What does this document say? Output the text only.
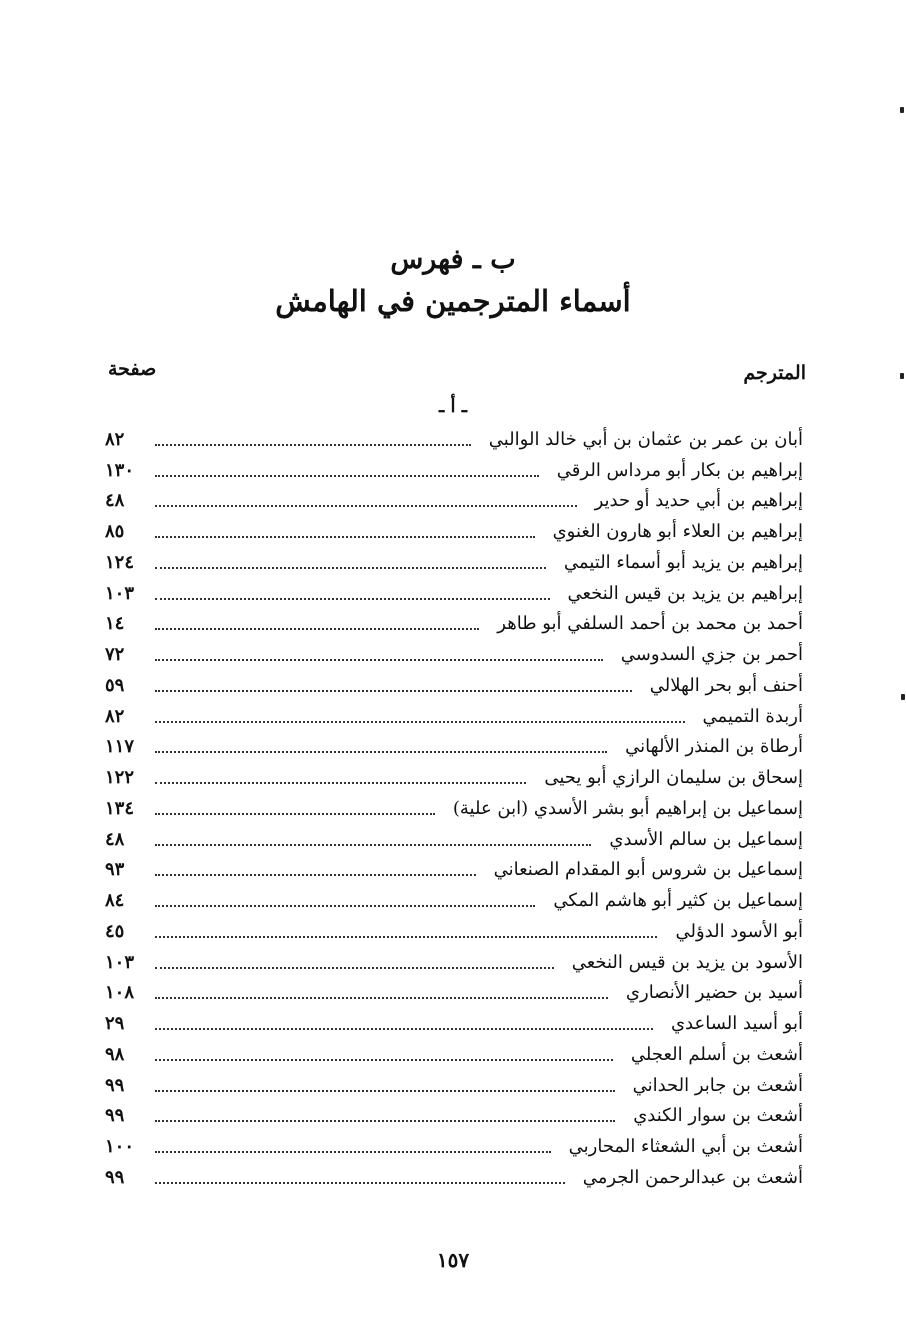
ب ـ فهرس
أسماء المترجمين في الهامش
المترجم
صفحة
ـ أ ـ
أبان بن عمر بن عثمان بن أبي خالد الوالبي
٨٢
إبراهيم بن بكار أبو مرداس الرقي
١٣٠
إبراهيم بن أبي حديد أو حدير
٤٨
إبراهيم بن العلاء أبو هارون الغنوي
٨٥
إبراهيم بن يزيد أبو أسماء التيمي
١٢٤
إبراهيم بن يزيد بن قيس النخعي
١٠٣
أحمد بن محمد بن أحمد السلفي أبو طاهر
١٤
أحمر بن جزي السدوسي
٧٢
أحنف أبو بحر الهلالي
٥٩
أربدة التميمي
٨٢
أرطاة بن المنذر الألهاني
١١٧
إسحاق بن سليمان الرازي أبو يحيى
١٢٢
إسماعيل بن إبراهيم أبو بشر الأسدي (ابن علية)
١٣٤
إسماعيل بن سالم الأسدي
٤٨
إسماعيل بن شروس أبو المقدام الصنعاني
٩٣
إسماعيل بن كثير أبو هاشم المكي
٨٤
أبو الأسود الدؤلي
٤٥
الأسود بن يزيد بن قيس النخعي
١٠٣
أسيد بن حضير الأنصاري
١٠٨
أبو أسيد الساعدي
٢٩
أشعث بن أسلم العجلي
٩٨
أشعث بن جابر الحداني
٩٩
أشعث بن سوار الكندي
٩٩
أشعث بن أبي الشعثاء المحاربي
١٠٠
أشعث بن عبدالرحمن الجرمي
٩٩
١٥٧
